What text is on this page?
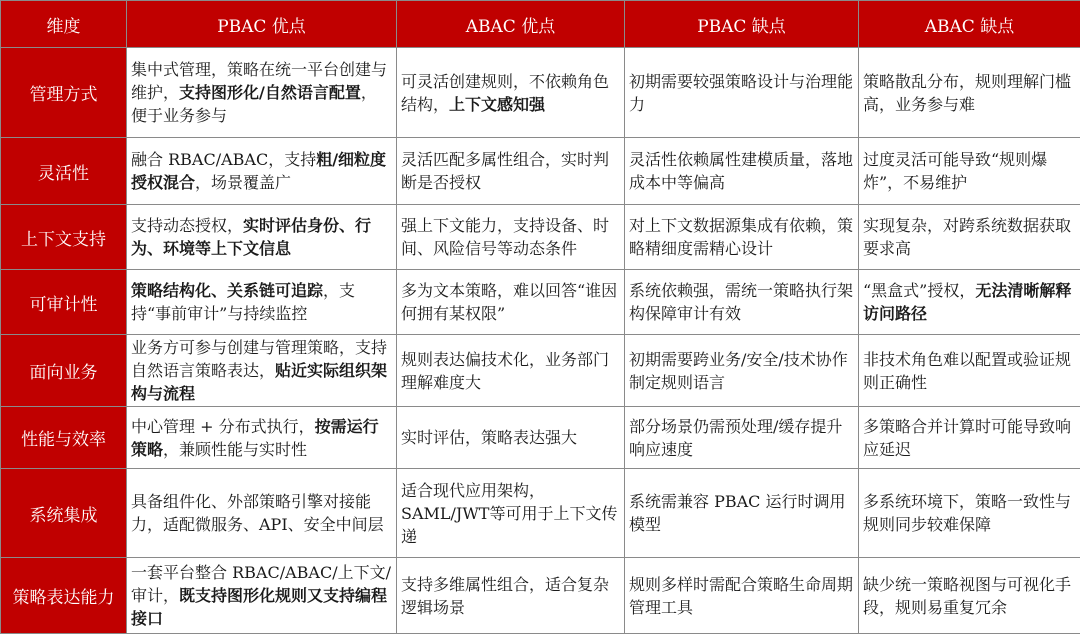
维度	PBAC 优点	ABAC 优点	PBAC 缺点	ABAC 缺点
管理方式	集中式管理，策略在统一平台创建与维护，支持图形化/自然语言配置，便于业务参与	可灵活创建规则，不依赖角色结构，上下文感知强	初期需要较强策略设计与治理能力	策略散乱分布，规则理解门槛高，业务参与难
灵活性	融合 RBAC/ABAC，支持粗/细粒度授权混合，场景覆盖广	灵活匹配多属性组合，实时判断是否授权	灵活性依赖属性建模质量，落地成本中等偏高	过度灵活可能导致“规则爆炸”，不易维护
上下文支持	支持动态授权，实时评估身份、行为、环境等上下文信息	强上下文能力，支持设备、时间、风险信号等动态条件	对上下文数据源集成有依赖，策略精细度需精心设计	实现复杂，对跨系统数据获取要求高
可审计性	策略结构化、关系链可追踪，支持“事前审计”与持续监控	多为文本策略，难以回答“谁因何拥有某权限”	系统依赖强，需统一策略执行架构保障审计有效	“黑盒式”授权，无法清晰解释访问路径
面向业务	业务方可参与创建与管理策略，支持自然语言策略表达，贴近实际组织架构与流程	规则表达偏技术化，业务部门理解难度大	初期需要跨业务/安全/技术协作制定规则语言	非技术角色难以配置或验证规则正确性
性能与效率	中心管理 + 分布式执行，按需运行策略，兼顾性能与实时性	实时评估，策略表达强大	部分场景仍需预处理/缓存提升响应速度	多策略合并计算时可能导致响应延迟
系统集成	具备组件化、外部策略引擎对接能力，适配微服务、API、安全中间层	适合现代应用架构，SAML/JWT等可用于上下文传递	系统需兼容 PBAC 运行时调用模型	多系统环境下，策略一致性与规则同步较难保障
策略表达能力	一套平台整合 RBAC/ABAC/上下文/审计，既支持图形化规则又支持编程接口	支持多维属性组合，适合复杂逻辑场景	规则多样时需配合策略生命周期管理工具	缺少统一策略视图与可视化手段，规则易重复冗余
